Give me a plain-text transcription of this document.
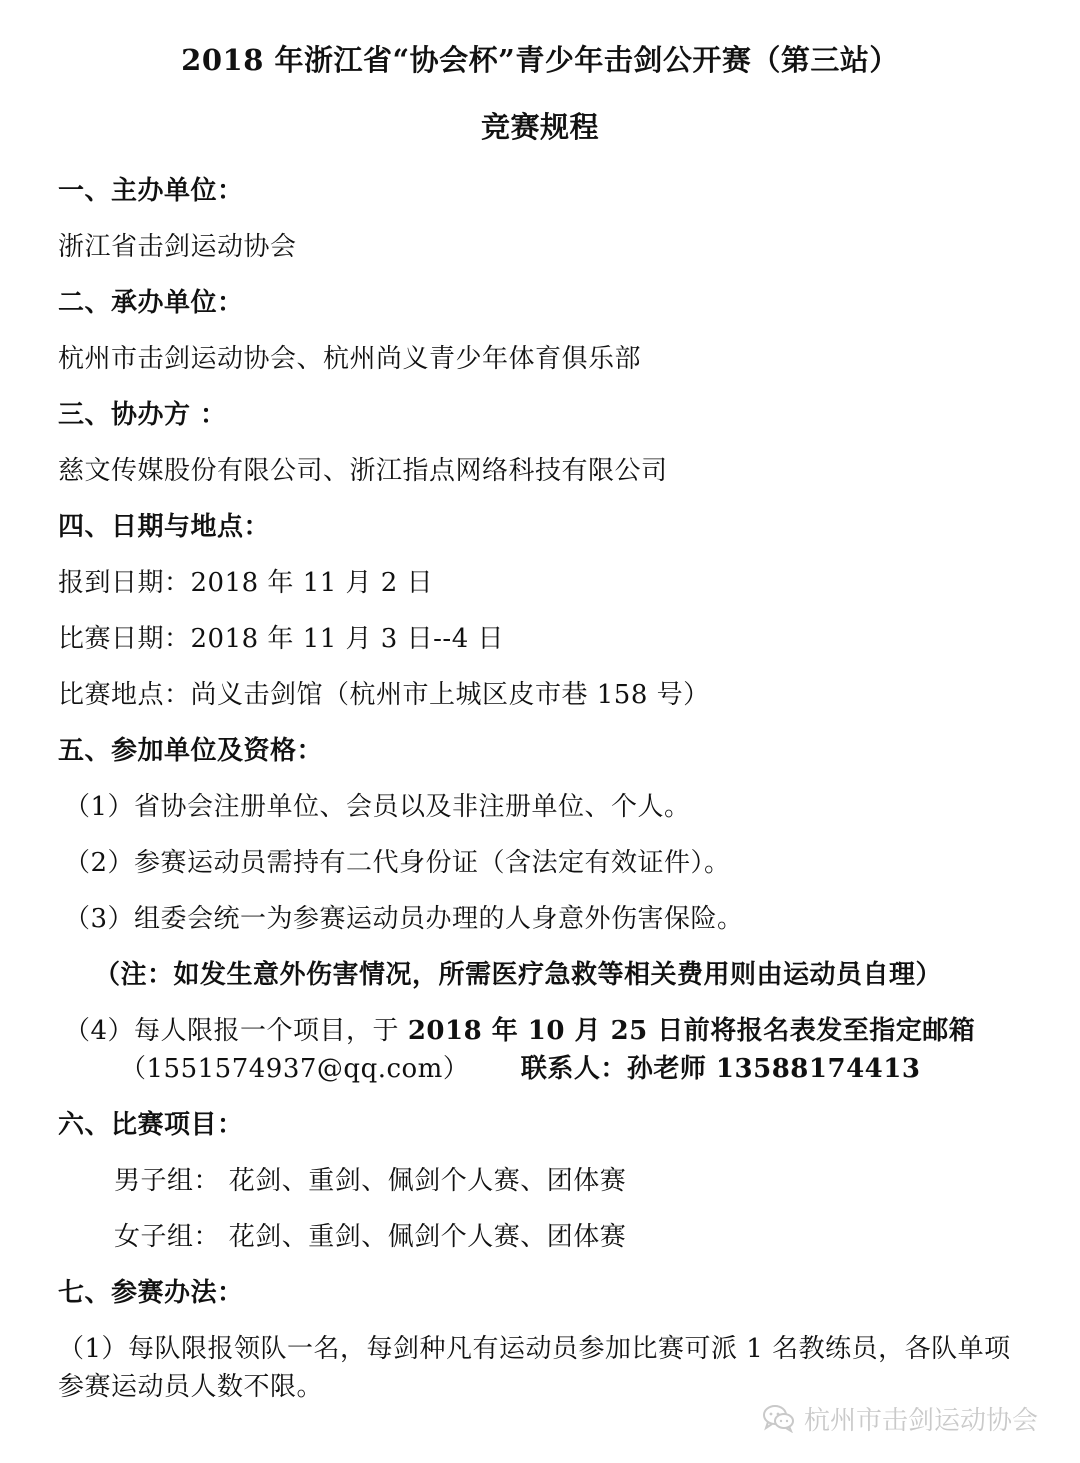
2018 年浙江省“协会杯”青少年击剑公开赛（第三站）
竞赛规程
一、主办单位：
浙江省击剑运动协会
二、承办单位：
杭州市击剑运动协会、杭州尚义青少年体育俱乐部
三、协办方 ：
慈文传媒股份有限公司、浙江指点网络科技有限公司
四、日期与地点：
报到日期：2018 年 11 月 2 日
比赛日期：2018 年 11 月 3 日--4 日
比赛地点：尚义击剑馆（杭州市上城区皮市巷 158 号）
五、参加单位及资格：
（1）省协会注册单位、会员以及非注册单位、个人。
（2）参赛运动员需持有二代身份证（含法定有效证件）。
（3）组委会统一为参赛运动员办理的人身意外伤害保险。
（注：如发生意外伤害情况，所需医疗急救等相关费用则由运动员自理）
（4）每人限报一个项目，于 2018 年 10 月 25 日前将报名表发至指定邮箱
（1551574937@qq.com） 联系人：孙老师 13588174413
六、比赛项目：
男子组： 花剑、重剑、佩剑个人赛、团体赛
女子组： 花剑、重剑、佩剑个人赛、团体赛
七、参赛办法：
（1）每队限报领队一名，每剑种凡有运动员参加比赛可派 1 名教练员，各队单项
参赛运动员人数不限。
杭州市击剑运动协会
